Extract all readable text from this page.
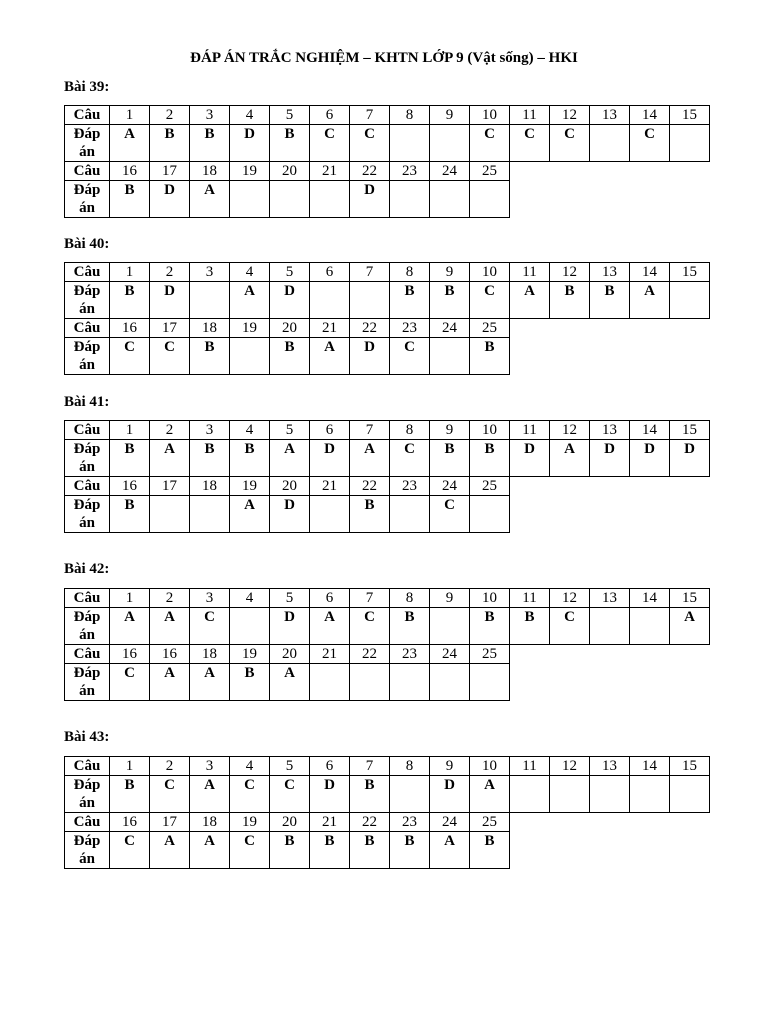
ĐÁP ÁN TRẮC NGHIỆM – KHTN LỚP 9 (Vật sống) – HKI
Bài 39:
Câu	1	2	3	4	5	6	7	8	9	10	11	12	13	14	15
Đáp
án	A	B	B	D	B	C	C			C	C	C		C	
Câu	16	17	18	19	20	21	22	23	24	25					
Đáp
án	B	D	A				D								
Bài 40:
Câu	1	2	3	4	5	6	7	8	9	10	11	12	13	14	15
Đáp
án	B	D		A	D			B	B	C	A	B	B	A	
Câu	16	17	18	19	20	21	22	23	24	25					
Đáp
án	C	C	B		B	A	D	C		B					
Bài 41:
Câu	1	2	3	4	5	6	7	8	9	10	11	12	13	14	15
Đáp
án	B	A	B	B	A	D	A	C	B	B	D	A	D	D	D
Câu	16	17	18	19	20	21	22	23	24	25					
Đáp
án	B			A	D		B		C						
Bài 42:
Câu	1	2	3	4	5	6	7	8	9	10	11	12	13	14	15
Đáp
án	A	A	C		D	A	C	B		B	B	C			A
Câu	16	16	18	19	20	21	22	23	24	25					
Đáp
án	C	A	A	B	A										
Bài 43:
Câu	1	2	3	4	5	6	7	8	9	10	11	12	13	14	15
Đáp
án	B	C	A	C	C	D	B		D	A					
Câu	16	17	18	19	20	21	22	23	24	25					
Đáp
án	C	A	A	C	B	B	B	B	A	B					
